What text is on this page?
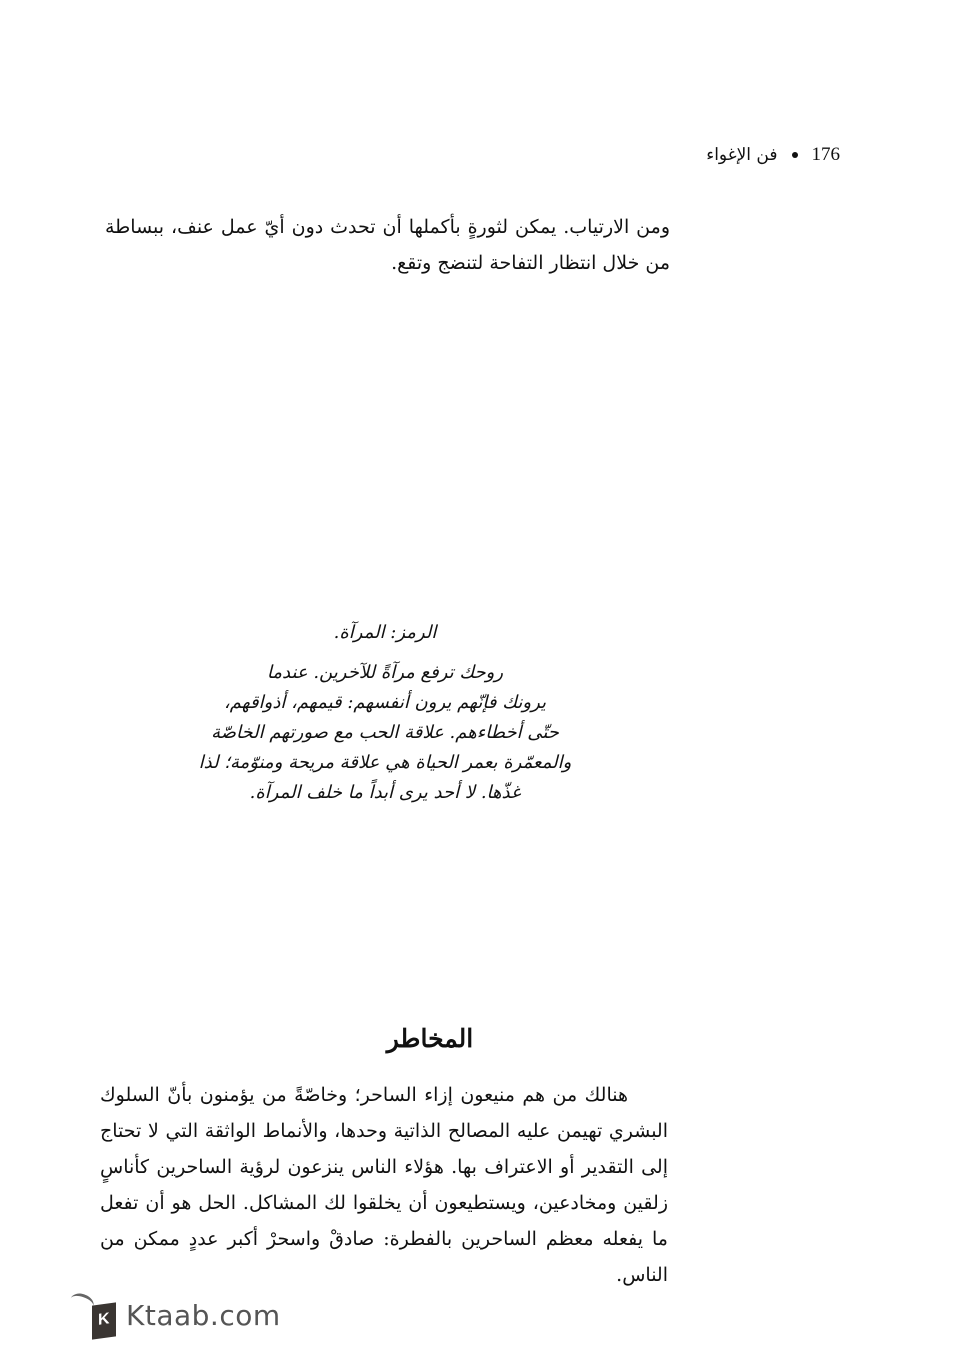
176
فن الإغواء

ومن الارتياب. يمكن لثورةٍ بأكملها أن تحدث دون أيّ عمل عنف، ببساطة من خلال انتظار التفاحة لتنضج وتقع.

الرمز: المرآة.
روحك ترفع مرآةً للآخرين. عندما
يرونك فإنّهم يرون أنفسهم: قيمهم، أذواقهم،
حتّى أخطاءهم. علاقة الحب مع صورتهم الخاصّة
والمعمّرة بعمر الحياة هي علاقة مريحة ومنوّمة؛ لذا
غذّها. لا أحد يرى أبداً ما خلف المرآة.
المخاطر

هنالك من هم منيعون إزاء الساحر؛ وخاصّةً من يؤمنون بأنّ السلوك البشري تهيمن عليه المصالح الذاتية وحدها، والأنماط الواثقة التي لا تحتاج إلى التقدير أو الاعتراف بها. هؤلاء الناس ينزعون لرؤية الساحرين كأناسٍ زلقين ومخادعين، ويستطيعون أن يخلقوا لك المشاكل. الحل هو أن تفعل ما يفعله معظم الساحرين بالفطرة: صادقْ واسحرْ أكبر عددٍ ممكن من الناس.

K Ktaab.com
